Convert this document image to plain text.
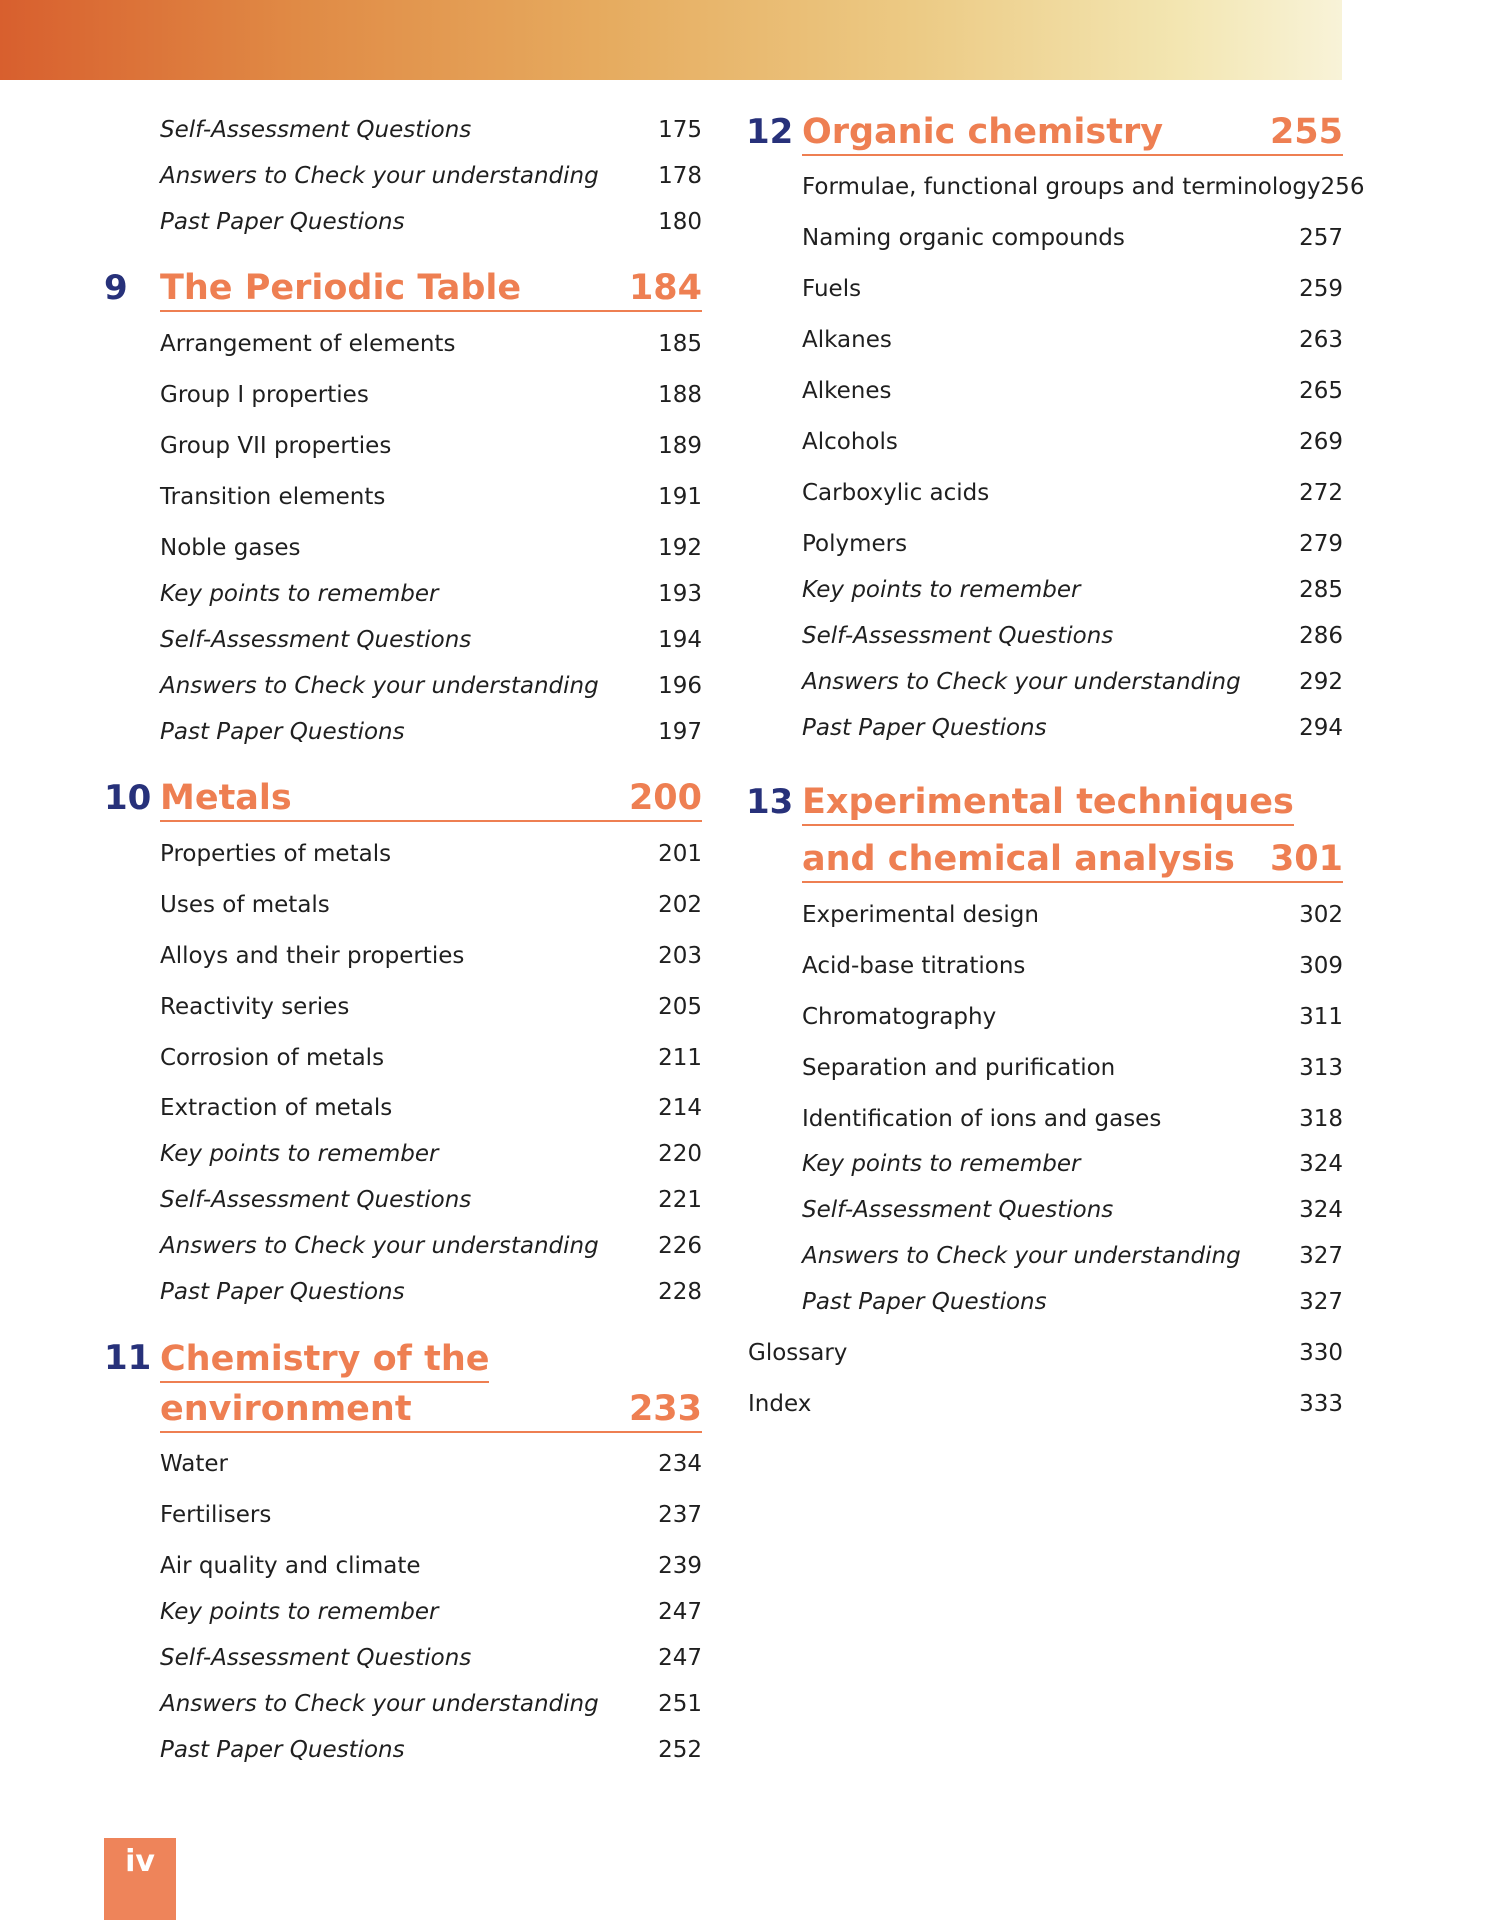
Self-Assessment Questions	175
Answers to Check your understanding	178
Past Paper Questions	180
9 The Periodic Table	184
Arrangement of elements	185
Group I properties	188
Group VII properties	189
Transition elements	191
Noble gases	192
Key points to remember	193
Self-Assessment Questions	194
Answers to Check your understanding	196
Past Paper Questions	197
10 Metals	200
Properties of metals	201
Uses of metals	202
Alloys and their properties	203
Reactivity series	205
Corrosion of metals	211
Extraction of metals	214
Key points to remember	220
Self-Assessment Questions	221
Answers to Check your understanding	226
Past Paper Questions	228
11 Chemistry of the
environment	233
Water	234
Fertilisers	237
Air quality and climate	239
Key points to remember	247
Self-Assessment Questions	247
Answers to Check your understanding	251
Past Paper Questions	252
12 Organic chemistry	255
Formulae, functional groups and terminology 256
Naming organic compounds	257
Fuels	259
Alkanes	263
Alkenes	265
Alcohols	269
Carboxylic acids	272
Polymers	279
Key points to remember	285
Self-Assessment Questions	286
Answers to Check your understanding	292
Past Paper Questions	294
13 Experimental techniques
and chemical analysis 301
Experimental design	302
Acid-base titrations	309
Chromatography	311
Separation and purification	313
Identification of ions and gases	318
Key points to remember	324
Self-Assessment Questions	324
Answers to Check your understanding	327
Past Paper Questions	327
Glossary	330
Index	333
iv
